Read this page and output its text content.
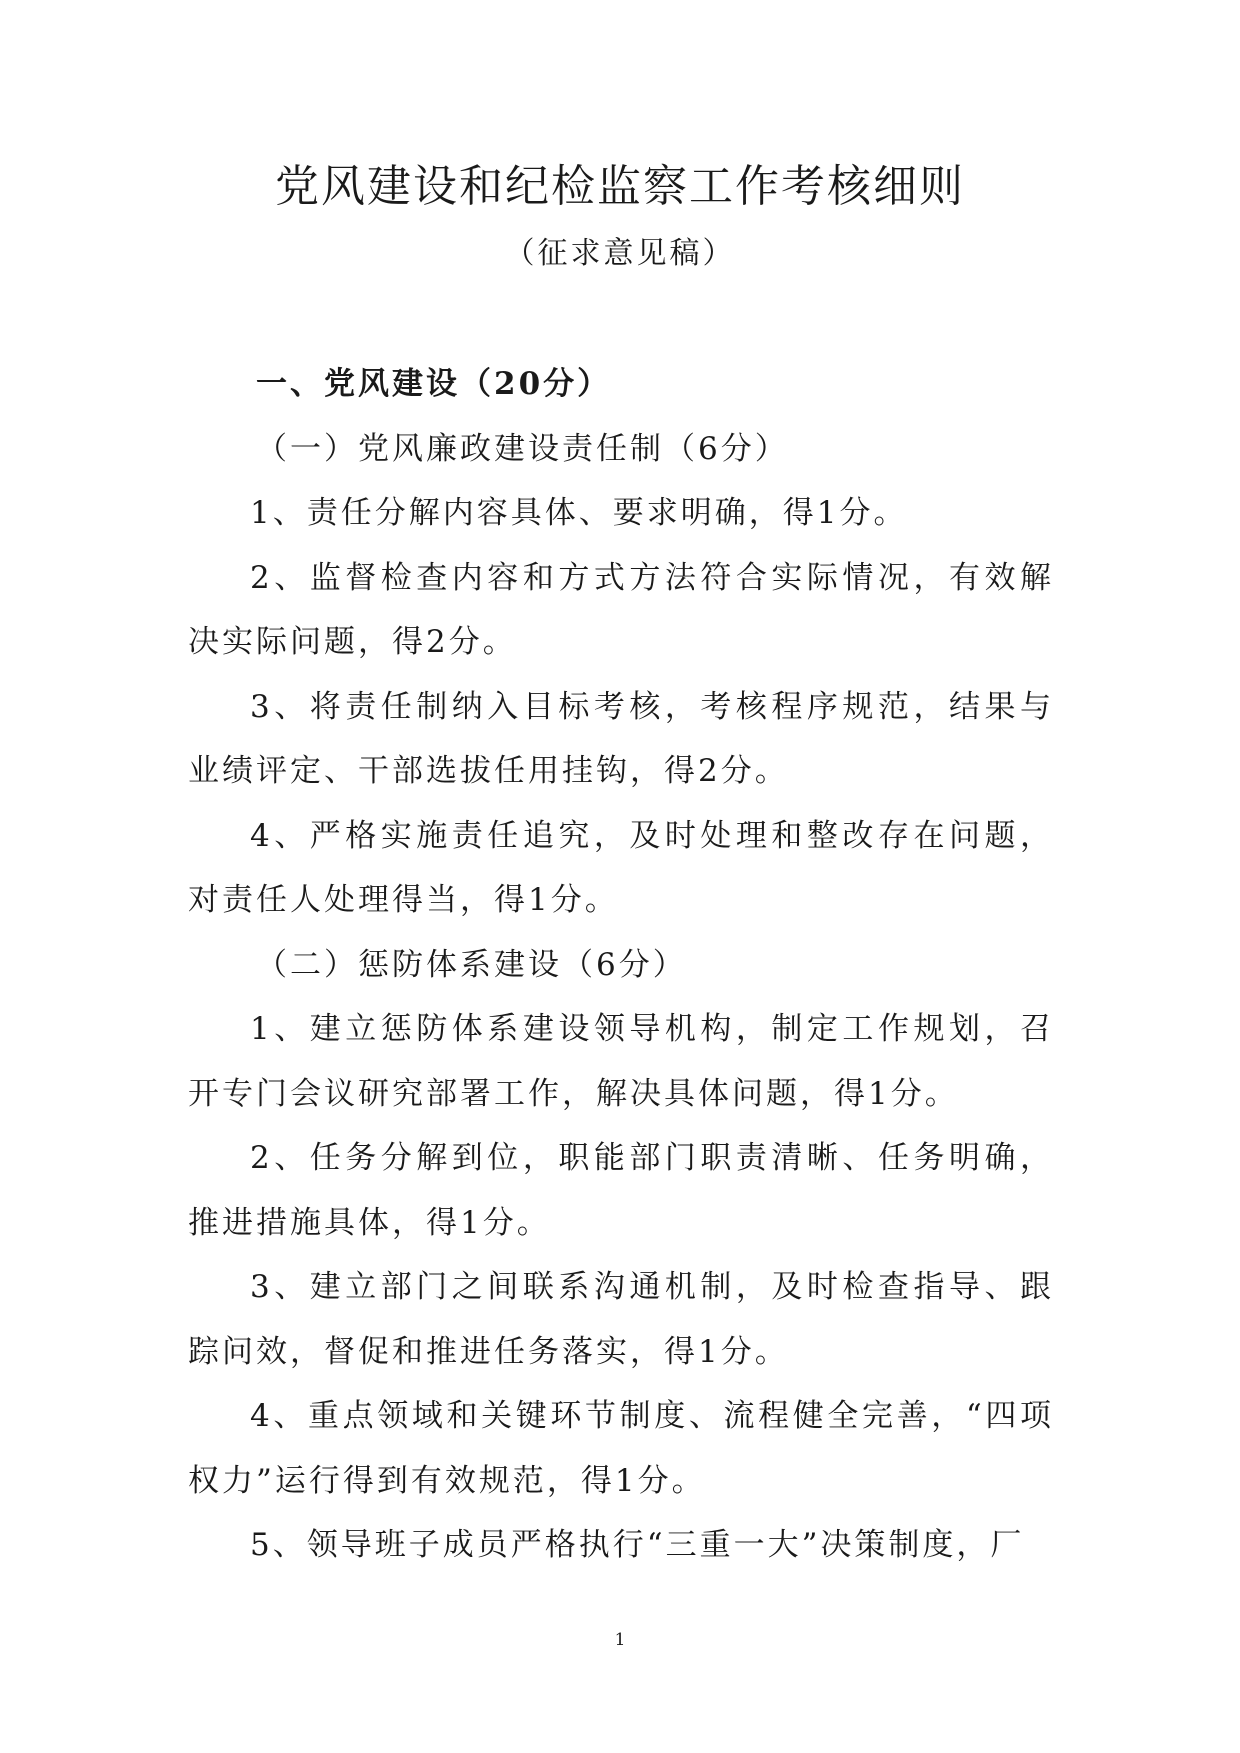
党风建设和纪检监察工作考核细则

（征求意见稿）

一、党风建设（20分）

（一）党风廉政建设责任制（6分）

1、责任分解内容具体、要求明确，得1分。

2、监督检查内容和方式方法符合实际情况，有效解决实际问题，得2分。

3、将责任制纳入目标考核，考核程序规范，结果与业绩评定、干部选拔任用挂钩，得2分。

4、严格实施责任追究，及时处理和整改存在问题，对责任人处理得当，得1分。

（二）惩防体系建设（6分）

1、建立惩防体系建设领导机构，制定工作规划，召开专门会议研究部署工作，解决具体问题，得1分。

2、任务分解到位，职能部门职责清晰、任务明确，推进措施具体，得1分。

3、建立部门之间联系沟通机制，及时检查指导、跟踪问效，督促和推进任务落实，得1分。

4、重点领域和关键环节制度、流程健全完善，“四项权力”运行得到有效规范，得1分。

5、领导班子成员严格执行“三重一大”决策制度，厂

1
